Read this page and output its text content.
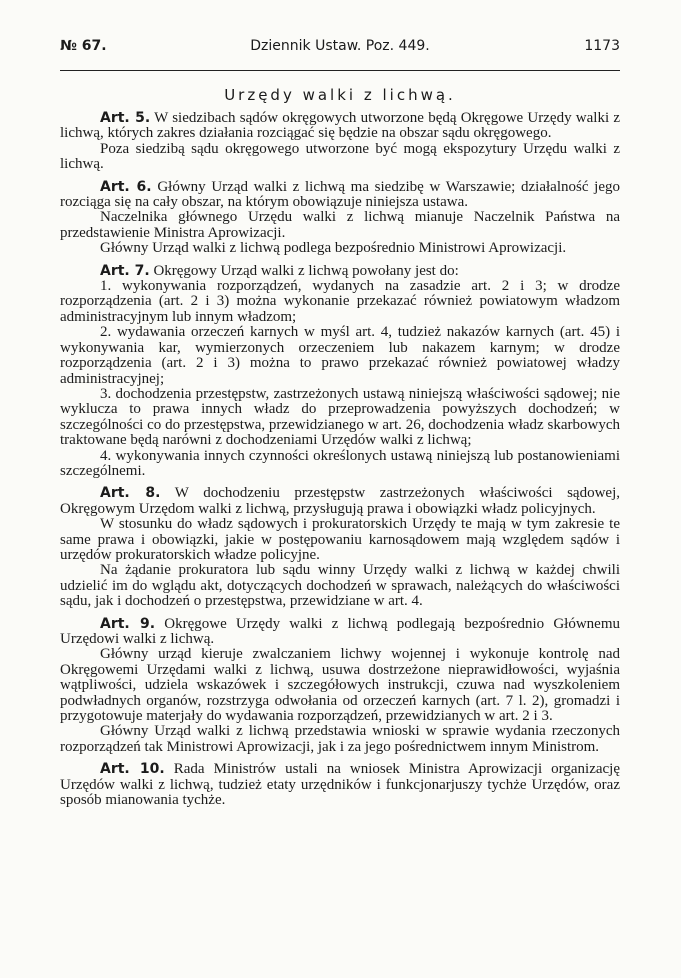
№ 67.	Dziennik Ustaw. Poz. 449.	1173
Urzędy walki z lichwą.

Art. 5. W siedzibach sądów okręgowych utworzone będą Okręgowe Urzędy walki z lichwą, których zakres działania rozciągać się będzie na obszar sądu okręgowego.

Poza siedzibą sądu okręgowego utworzone być mogą ekspozytury Urzędu walki z lichwą.

Art. 6. Główny Urząd walki z lichwą ma siedzibę w Warszawie; działalność jego rozciąga się na cały obszar, na którym obowiązuje niniejsza ustawa.

Naczelnika głównego Urzędu walki z lichwą mianuje Naczelnik Państwa na przedstawienie Ministra Aprowizacji.

Główny Urząd walki z lichwą podlega bezpośrednio Ministrowi Aprowizacji.

Art. 7. Okręgowy Urząd walki z lichwą powołany jest do:

1. wykonywania rozporządzeń, wydanych na zasadzie art. 2 i 3; w drodze rozporządzenia (art. 2 i 3) można wykonanie przekazać również powiatowym władzom administracyjnym lub innym władzom;

2. wydawania orzeczeń karnych w myśl art. 4, tudzież nakazów karnych (art. 45) i wykonywania kar, wymierzonych orzeczeniem lub nakazem karnym; w drodze rozporządzenia (art. 2 i 3) można to prawo przekazać również powiatowej władzy administracyjnej;

3. dochodzenia przestępstw, zastrzeżonych ustawą niniejszą właściwości sądowej; nie wyklucza to prawa innych władz do przeprowadzenia powyższych dochodzeń; w szczególności co do przestępstwa, przewidzianego w art. 26, dochodzenia władz skarbowych traktowane będą narówni z dochodzeniami Urzędów walki z lichwą;

4. wykonywania innych czynności określonych ustawą niniejszą lub postanowieniami szczególnemi.

Art. 8. W dochodzeniu przestępstw zastrzeżonych właściwości sądowej, Okręgowym Urzędom walki z lichwą, przysługują prawa i obowiązki władz policyjnych.

W stosunku do władz sądowych i prokuratorskich Urzędy te mają w tym zakresie te same prawa i obowiązki, jakie w postępowaniu karnosądowem mają względem sądów i urzędów prokuratorskich władze policyjne.

Na żądanie prokuratora lub sądu winny Urzędy walki z lichwą w każdej chwili udzielić im do wglądu akt, dotyczących dochodzeń w sprawach, należących do właściwości sądu, jak i dochodzeń o przestępstwa, przewidziane w art. 4.

Art. 9. Okręgowe Urzędy walki z lichwą podlegają bezpośrednio Głównemu Urzędowi walki z lichwą.

Główny urząd kieruje zwalczaniem lichwy wojennej i wykonuje kontrolę nad Okręgowemi Urzędami walki z lichwą, usuwa dostrzeżone nieprawidłowości, wyjaśnia wątpliwości, udziela wskazówek i szczegółowych instrukcji, czuwa nad wyszkoleniem podwładnych organów, rozstrzyga odwołania od orzeczeń karnych (art. 7 l. 2), gromadzi i przygotowuje materjały do wydawania rozporządzeń, przewidzianych w art. 2 i 3.

Główny Urząd walki z lichwą przedstawia wnioski w sprawie wydania rzeczonych rozporządzeń tak Ministrowi Aprowizacji, jak i za jego pośrednictwem innym Ministrom.

Art. 10. Rada Ministrów ustali na wniosek Ministra Aprowizacji organizację Urzędów walki z lichwą, tudzież etaty urzędników i funkcjonarjuszy tychże Urzędów, oraz sposób mianowania tychże.
